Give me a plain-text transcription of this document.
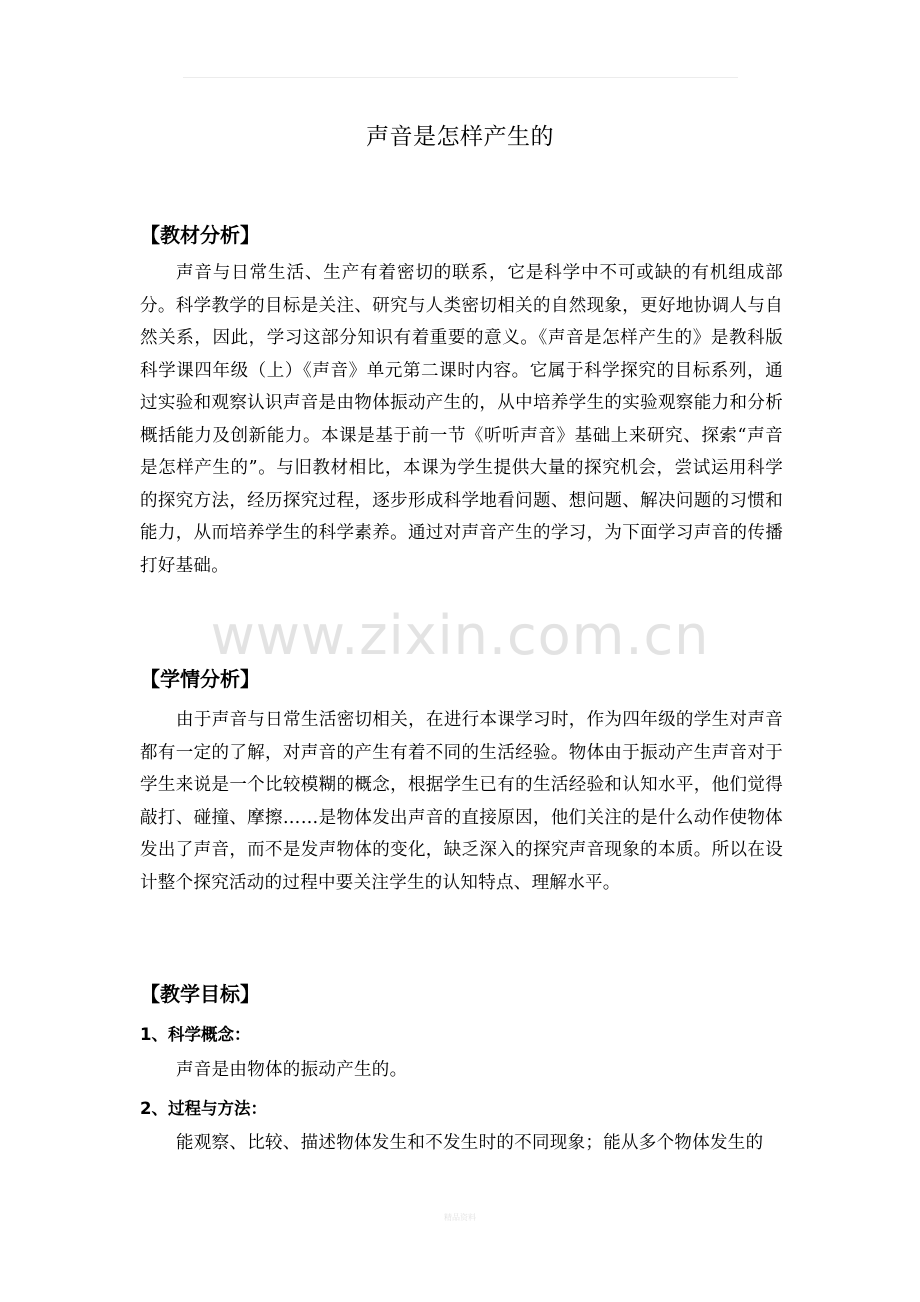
声音是怎样产生的
【教材分析】
声音与日常生活、生产有着密切的联系，它是科学中不可或缺的有机组成部分。科学教学的目标是关注、研究与人类密切相关的自然现象，更好地协调人与自然关系，因此，学习这部分知识有着重要的意义。《声音是怎样产生的》是教科版科学课四年级（上）《声音》单元第二课时内容。它属于科学探究的目标系列，通过实验和观察认识声音是由物体振动产生的，从中培养学生的实验观察能力和分析概括能力及创新能力。本课是基于前一节《听听声音》基础上来研究、探索“声音是怎样产生的”。与旧教材相比，本课为学生提供大量的探究机会，尝试运用科学的探究方法，经历探究过程，逐步形成科学地看问题、想问题、解决问题的习惯和能力，从而培养学生的科学素养。通过对声音产生的学习，为下面学习声音的传播打好基础。
www.zixin.com.cn
【学情分析】
由于声音与日常生活密切相关，在进行本课学习时，作为四年级的学生对声音都有一定的了解，对声音的产生有着不同的生活经验。物体由于振动产生声音对于学生来说是一个比较模糊的概念，根据学生已有的生活经验和认知水平，他们觉得敲打、碰撞、摩擦……是物体发出声音的直接原因，他们关注的是什么动作使物体发出了声音，而不是发声物体的变化，缺乏深入的探究声音现象的本质。所以在设计整个探究活动的过程中要关注学生的认知特点、理解水平。
【教学目标】
1、科学概念：
声音是由物体的振动产生的。
2、过程与方法：
能观察、比较、描述物体发生和不发生时的不同现象；能从多个物体发生的
精品资料
